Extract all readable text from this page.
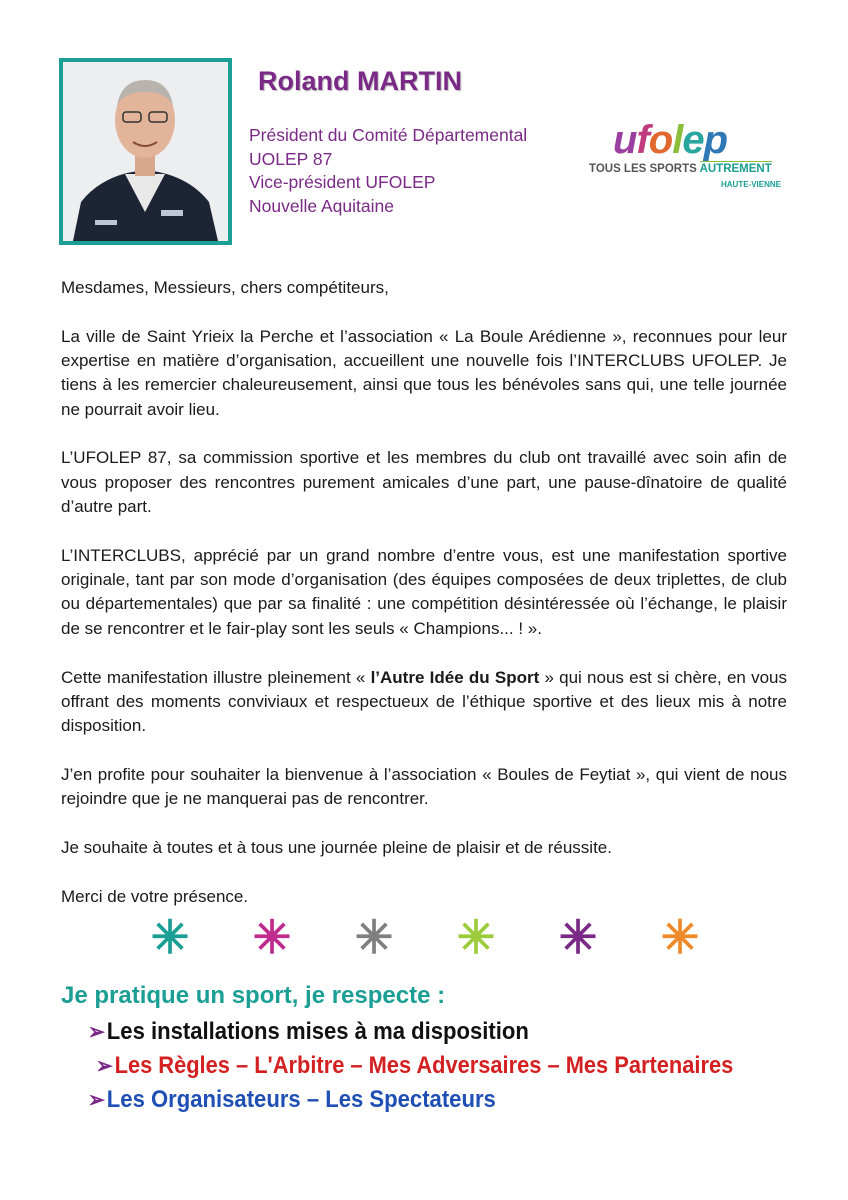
Roland MARTIN
Président du Comité Départemental
UOLEP 87
Vice-président UFOLEP
Nouvelle Aquitaine
ufolep
TOUS LES SPORTS AUTREMENT
HAUTE-VIENNE

Mesdames, Messieurs, chers compétiteurs,

La ville de Saint Yrieix la Perche et l’association « La Boule Arédienne », reconnues pour leur expertise en matière d’organisation, accueillent une nouvelle fois l’INTERCLUBS UFOLEP. Je tiens à les remercier chaleureusement, ainsi que tous les bénévoles sans qui, une telle journée ne pourrait avoir lieu.

L’UFOLEP 87, sa commission sportive et les membres du club ont travaillé avec soin afin de vous proposer des rencontres purement amicales d’une part, une pause-dînatoire de qualité d’autre part.

L’INTERCLUBS, apprécié par un grand nombre d’entre vous, est une manifestation sportive originale, tant par son mode d’organisation (des équipes composées de deux triplettes, de club ou départementales) que par sa finalité : une compétition désintéressée où l’échange, le plaisir de se rencontrer et le fair-play sont les seuls « Champions... ! ».

Cette manifestation illustre pleinement « l’Autre Idée du Sport » qui nous est si chère, en vous offrant des moments conviviaux et respectueux de l’éthique sportive et des lieux mis à notre disposition.

J’en profite pour souhaiter la bienvenue à l’association « Boules de Feytiat », qui vient de nous rejoindre que je ne manquerai pas de rencontrer.

Je souhaite à toutes et à tous une journée pleine de plaisir et de réussite.

Merci de votre présence.

✳ ✳ ✳ ✳ ✳ ✳
Je pratique un sport, je respecte :
➢Les installations mises à ma disposition
➢Les Règles – L'Arbitre – Mes Adversaires – Mes Partenaires
➢Les Organisateurs – Les Spectateurs
